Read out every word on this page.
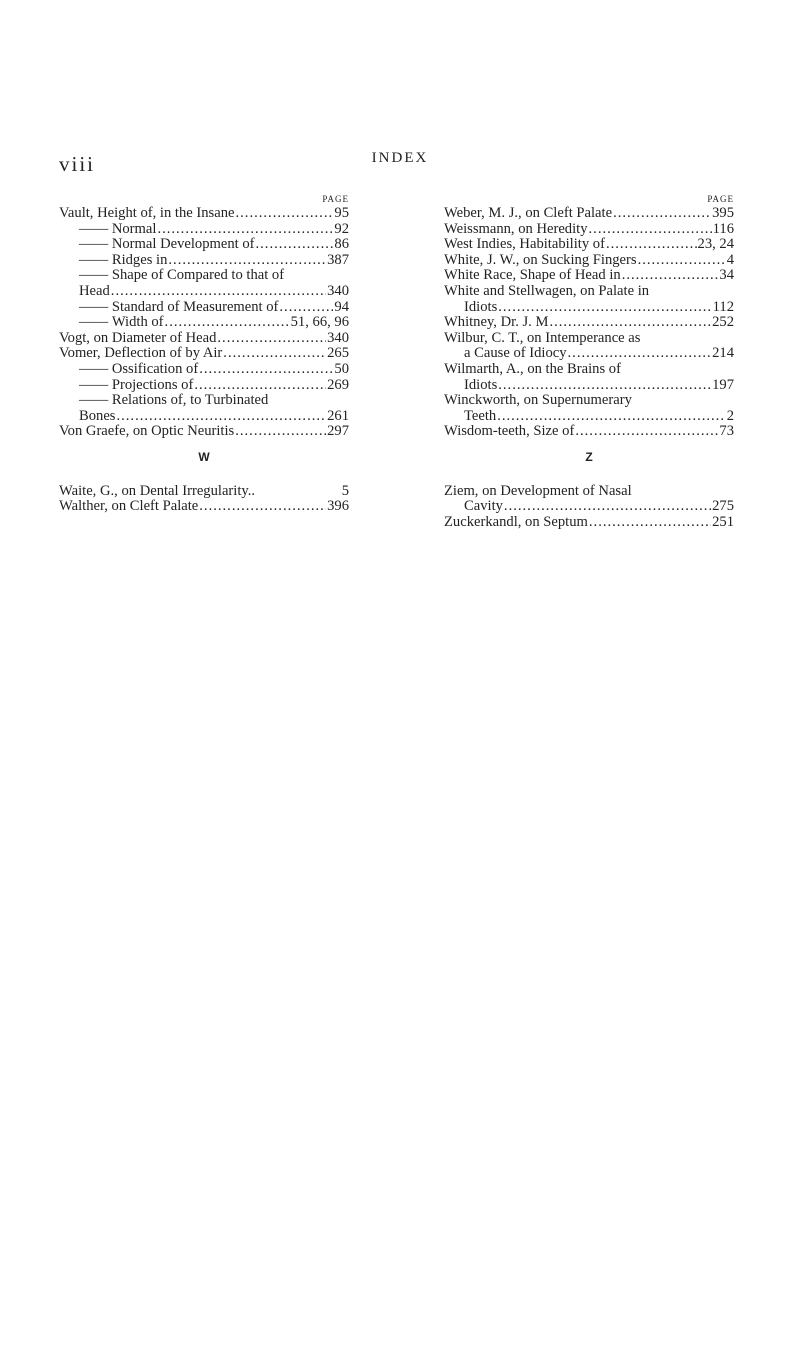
viii	INDEX
PAGE
Vault, Height of, in the Insane .....	95
—— Normal .....	92
—— Normal Development of .....	86
—— Ridges in .....	387
—— Shape of Compared to that of
Head .....	340
—— Standard of Measurement of .....	94
—— Width of .....	51, 66, 96
Vogt, on Diameter of Head .....	340
Vomer, Deflection of by Air .....	265
—— Ossification of .....	50
—— Projections of .....	269
—— Relations of, to Turbinated
Bones .....	261
Von Graefe, on Optic Neuritis .....	297
W
Waite, G., on Dental Irregularity..	5
Walther, on Cleft Palate .....	396
PAGE
Weber, M. J., on Cleft Palate .....	395
Weissmann, on Heredity .....	116
West Indies, Habitability of .....	23, 24
White, J. W., on Sucking Fingers .....	4
White Race, Shape of Head in .....	34
White and Stellwagen, on Palate in
Idiots .....	112
Whitney, Dr. J. M .....	252
Wilbur, C. T., on Intemperance as
a Cause of Idiocy .....	214
Wilmarth, A., on the Brains of
Idiots .....	197
Winckworth, on Supernumerary
Teeth .....	2
Wisdom-teeth, Size of .....	73
Z
Ziem, on Development of Nasal
Cavity .....	275
Zuckerkandl, on Septum .....	251
